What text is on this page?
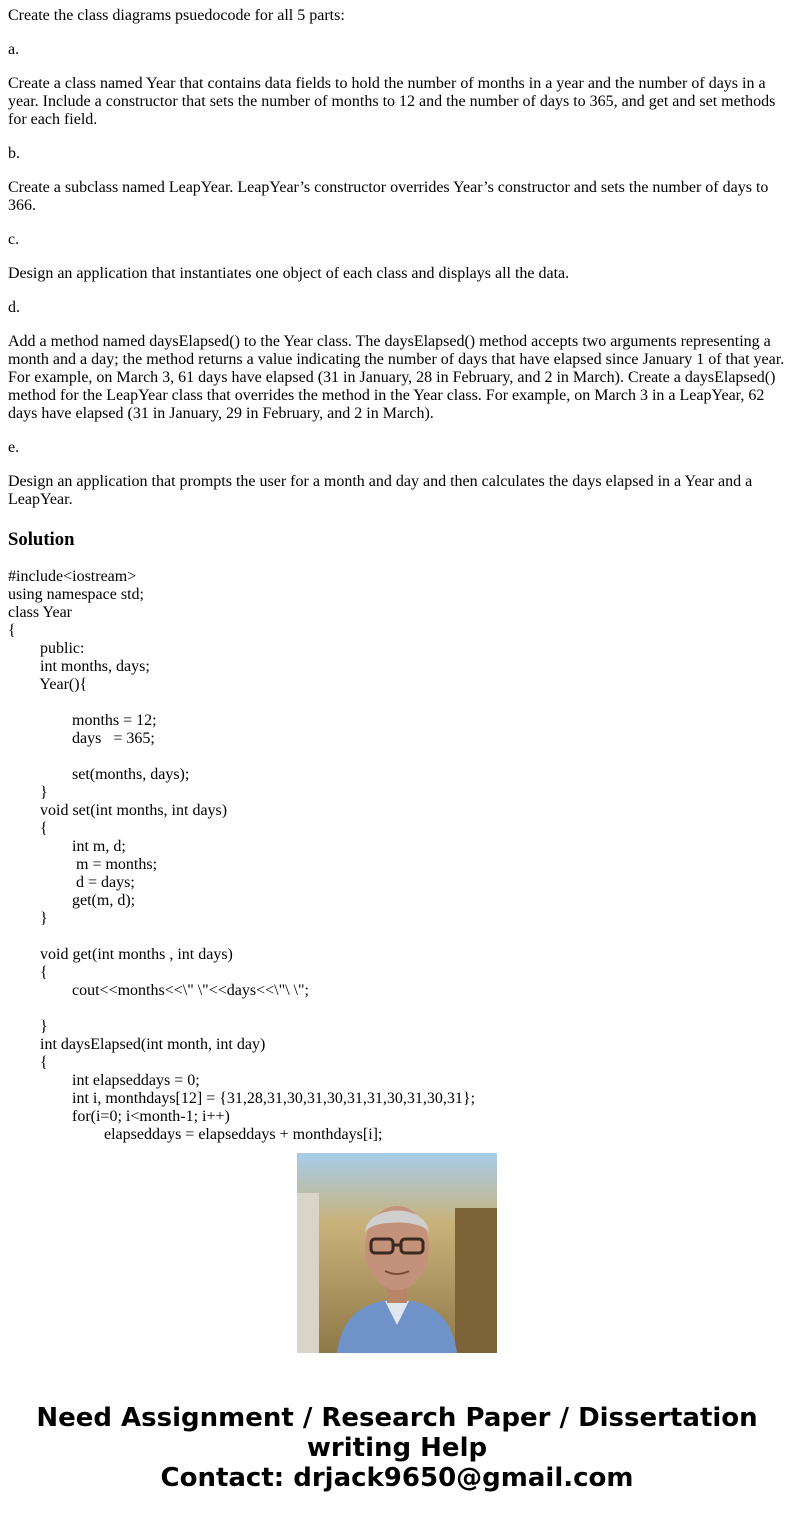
Create the class diagrams psuedocode for all 5 parts:

a.

Create a class named Year that contains data fields to hold the number of months in a year and the number of days in a year. Include a constructor that sets the number of months to 12 and the number of days to 365, and get and set methods for each field.

b.

Create a subclass named LeapYear. LeapYear’s constructor overrides Year’s constructor and sets the number of days to 366.

c.

Design an application that instantiates one object of each class and displays all the data.

d.

Add a method named daysElapsed() to the Year class. The daysElapsed() method accepts two arguments representing a month and a day; the method returns a value indicating the number of days that have elapsed since January 1 of that year. For example, on March 3, 61 days have elapsed (31 in January, 28 in February, and 2 in March). Create a daysElapsed() method for the LeapYear class that overrides the method in the Year class. For example, on March 3 in a LeapYear, 62 days have elapsed (31 in January, 29 in February, and 2 in March).

e.

Design an application that prompts the user for a month and day and then calculates the days elapsed in a Year and a LeapYear.

Solution
#include<iostream>
using namespace std;
class Year
{
public:
int months, days;
Year(){
months = 12;
days   = 365;
set(months, days);
}
void set(int months, int days)
{
int m, d;
m = months;
d = days;
get(m, d);
}
void get(int months , int days)
{
cout<<months<<\" \"<<days<<\"\ \";
}
int daysElapsed(int month, int day)
{
int elapseddays = 0;
int i, monthdays[12] = {31,28,31,30,31,30,31,31,30,31,30,31};
for(i=0; i<month-1; i++)
elapseddays = elapseddays + monthdays[i];
Need Assignment / Research Paper / Dissertation
writing Help
Contact: drjack9650@gmail.com
